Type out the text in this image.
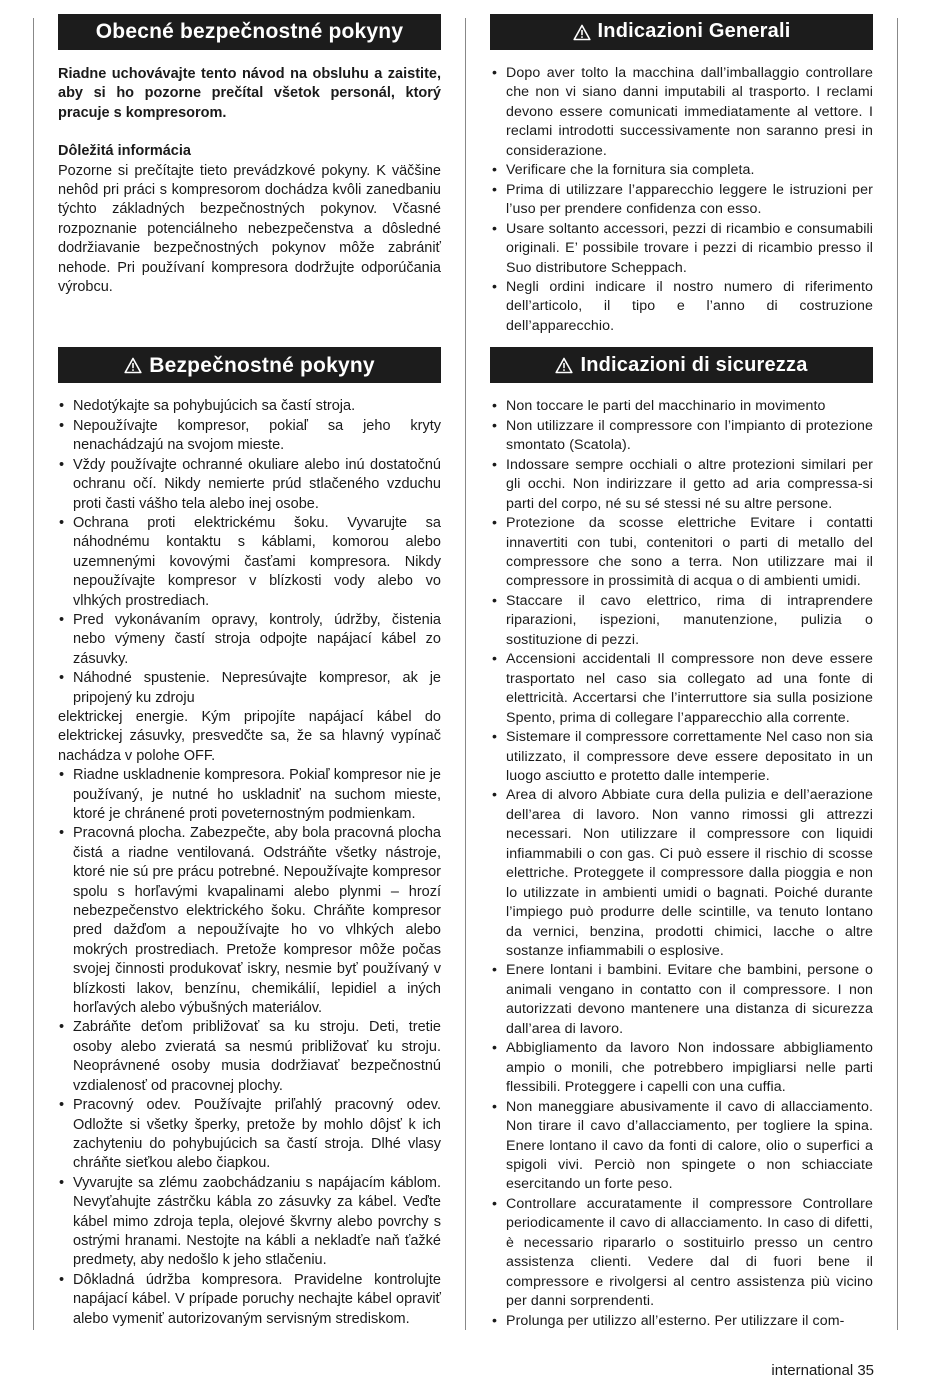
Obecné bezpečnostné pokyny

Riadne uchovávajte tento návod na obsluhu a zaistite, aby si ho pozorne prečítal všetok personál, ktorý pracuje s kompresorom.

Dôležitá informácia

Pozorne si prečítajte tieto prevádzkové pokyny. K väčšine nehôd pri práci s kompresorom dochádza kvôli zanedbaniu týchto základných bezpečnostných pokynov. Včasné rozpoznanie potenciálneho nebezpečenstva a dôsledné dodržiavanie bezpečnostných pokynov môže zabrániť nehode. Pri používaní kompresora dodržujte odporúčania výrobcu.

Bezpečnostné pokyny
• Nedotýkajte sa pohybujúcich sa častí stroja.
• Nepoužívajte kompresor, pokiaľ sa jeho kryty nenachádzajú na svojom mieste.
• Vždy používajte ochranné okuliare alebo inú dostatočnú ochranu očí. Nikdy nemierte prúd stlačeného vzduchu proti časti vášho tela alebo inej osobe.
• Ochrana proti elektrickému šoku. Vyvarujte sa náhodnému kontaktu s káblami, komorou alebo uzemnenými kovovými časťami kompresora. Nikdy nepoužívajte kompresor v blízkosti vody alebo vo vlhkých prostrediach.
• Pred vykonávaním opravy, kontroly, údržby, čistenia nebo výmeny častí stroja odpojte napájací kábel zo zásuvky.
• Náhodné spustenie. Nepresúvajte kompresor, ak je pripojený ku zdroju

elektrickej energie. Kým pripojíte napájací kábel do elektrickej zásuvky, presvedčte sa, že sa hlavný vypínač nachádza v polohe OFF.

• Riadne uskladnenie kompresora. Pokiaľ kompresor nie je používaný, je nutné ho uskladniť na suchom mieste, ktoré je chránené proti poveternostným podmienkam.
• Pracovná plocha. Zabezpečte, aby bola pracovná plocha čistá a riadne ventilovaná. Odstráňte všetky nástroje, ktoré nie sú pre prácu potrebné. Nepoužívajte kompresor spolu s horľavými kvapalinami alebo plynmi – hrozí nebezpečenstvo elektrického šoku. Chráňte kompresor pred dažďom a nepoužívajte ho vo vlhkých alebo mokrých prostrediach. Pretože kompresor môže počas svojej činnosti produkovať iskry, nesmie byť používaný v blízkosti lakov, benzínu, chemikálií, lepidiel a iných horľavých alebo výbušných materiálov.
• Zabráňte deťom približovať sa ku stroju. Deti, tretie osoby alebo zvieratá sa nesmú približovať ku stroju. Neoprávnené osoby musia dodržiavať bezpečnostnú vzdialenosť od pracovnej plochy.
• Pracovný odev. Používajte priľahlý pracovný odev. Odložte si všetky šperky, pretože by mohlo dôjsť k ich zachyteniu do pohybujúcich sa častí stroja. Dlhé vlasy chráňte sieťkou alebo čiapkou.
• Vyvarujte sa zlému zaobchádzaniu s napájacím káblom. Nevyťahujte zástrčku kábla zo zásuvky za kábel. Veďte kábel mimo zdroja tepla, olejové škvrny alebo povrchy s ostrými hranami. Nestojte na kábli a nekladťe naň ťažké predmety, aby nedošlo k jeho stlačeniu.
• Dôkladná údržba kompresora. Pravidelne kontrolujte napájací kábel. V prípade poruchy nechajte kábel opraviť alebo vymeniť autorizovaným servisným strediskom.
Indicazioni Generali
• Dopo aver tolto la macchina dall’imballaggio controllare che non vi siano danni imputabili al trasporto. I reclami devono essere comunicati immediatamente al vettore. I reclami introdotti successivamente non saranno presi in considerazione.
• Verificare che la fornitura sia completa.
• Prima di utilizzare l’apparecchio leggere le istruzioni per l’uso per prendere confidenza con esso.
• Usare soltanto accessori, pezzi di ricambio e consumabili originali. E’ possibile trovare i pezzi di ricambio presso il Suo distributore Scheppach.
• Negli ordini indicare il nostro numero di riferimento dell’articolo, il tipo e l’anno di costruzione dell’apparecchio.
Indicazioni di sicurezza
• Non toccare le parti del macchinario in movimento
• Non utilizzare il compressore con l’impianto di protezione smontato (Scatola).
• Indossare sempre occhiali o altre protezioni similari per gli occhi. Non indirizzare il getto ad aria compressa-si parti del corpo, né su sé stessi né su altre persone.
• Protezione da scosse elettriche Evitare i contatti innavertiti con tubi, contenitori o parti di metallo del compressore che sono a terra. Non utilizzare mai il compressore in prossimità di acqua o di ambienti umidi.
• Staccare il cavo elettrico, rima di intraprendere riparazioni, ispezioni, manutenzione, pulizia o sostituzione di pezzi.
• Accensioni accidentali Il compressore non deve essere trasportato nel caso sia collegato ad una fonte di elettricità. Accertarsi che l’interruttore sia sulla posizione Spento, prima di collegare l’apparecchio alla corrente.
• Sistemare il compressore correttamente Nel caso non sia utilizzato, il compressore deve essere depositato in un luogo asciutto e protetto dalle intemperie.
• Area di alvoro Abbiate cura della pulizia e dell’aerazione dell’area di lavoro. Non vanno rimossi gli attrezzi necessari. Non utilizzare il compressore con liquidi infiammabili o con gas. Ci può essere il rischio di scosse elettriche. Proteggete il compressore dalla pioggia e non lo utilizzate in ambienti umidi o bagnati. Poiché durante l’impiego può produrre delle scintille, va tenuto lontano da vernici, benzina, prodotti chimici, lacche o altre sostanze infiammabili o esplosive.
• Enere lontani i bambini. Evitare che bambini, persone o animali vengano in contatto con il compressore. I non autorizzati devono mantenere una distanza di sicurezza dall’area di lavoro.
• Abbigliamento da lavoro Non indossare abbigliamento ampio o monili, che potrebbero impigliarsi nelle parti flessibili. Proteggere i capelli con una cuffia.
• Non maneggiare abusivamente il cavo di allacciamento. Non tirare il cavo d’allacciamento, per togliere la spina. Enere lontano il cavo da fonti di calore, olio o superfici a spigoli vivi. Perciò non spingete o non schiacciate esercitando un forte peso.
• Controllare accuratamente il compressore Controllare periodicamente il cavo di allacciamento. In caso di difetti, è necessario ripararlo o sostituirlo presso un centro assistenza clienti. Vedere dal di fuori bene il compressore e rivolgersi al centro assistenza più vicino per danni sorprendenti.
• Prolunga per utilizzo all’esterno. Per utilizzare il com-
international 35
